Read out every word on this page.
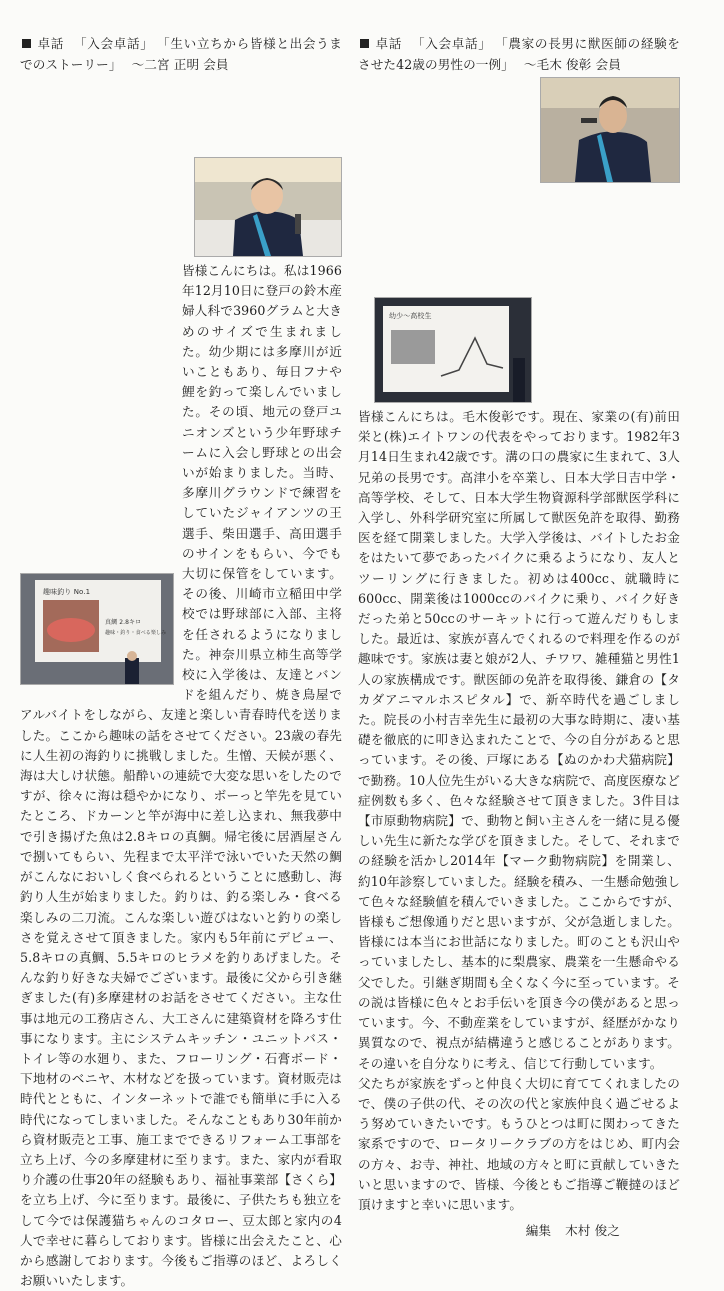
卓話 「入会卓話」 「生い立ちから皆様と出会うまでのストーリー」 ～二宮 正明 会員
趣味釣り No.1
真鯛 2.8キロ
趣味・釣り・食べる楽しみ

皆様こんにちは。私は1966年12月10日に登戸の鈴木産婦人科で3960グラムと大きめのサイズで生まれました。幼少期には多摩川が近いこともあり、毎日フナや鯉を釣って楽しんでいました。その頃、地元の登戸ユニオンズという少年野球チームに入会し野球との出会いが始まりました。当時、多摩川グラウンドで練習をしていたジャイアンツの王選手、柴田選手、高田選手のサインをもらい、今でも大切に保管をしています。その後、川崎市立稲田中学校では野球部に入部、主将を任されるようになりました。神奈川県立柿生高等学校に入学後は、友達とバンドを組んだり、焼き鳥屋でアルバイトをしながら、友達と楽しい青春時代を送りました。ここから趣味の話をさせてください。23歳の春先に人生初の海釣りに挑戦しました。生憎、天候が悪く、海は大しけ状態。船酔いの連続で大変な思いをしたのですが、徐々に海は穏やかになり、ボーっと竿先を見ていたところ、ドカーンと竿が海中に差し込まれ、無我夢中で引き揚げた魚は2.8キロの真鯛。帰宅後に居酒屋さんで捌いてもらい、先程まで太平洋で泳いでいた天然の鯛がこんなにおいしく食べられるということに感動し、海釣り人生が始まりました。釣りは、釣る楽しみ・食べる楽しみの二刀流。こんな楽しい遊びはないと釣りの楽しさを覚えさせて頂きました。家内も5年前にデビュー、5.8キロの真鯛、5.5キロのヒラメを釣りあげました。そんな釣り好きな夫婦でございます。最後に父から引き継ぎました(有)多摩建材のお話をさせてください。主な仕事は地元の工務店さん、大工さんに建築資材を降ろす仕事になります。主にシステムキッチン・ユニットバス・トイレ等の水廻り、また、フローリング・石膏ボード・下地材のベニヤ、木材などを扱っています。資材販売は時代とともに、インターネットで誰でも簡単に手に入る時代になってしまいました。そんなこともあり30年前から資材販売と工事、施工までできるリフォーム工事部を立ち上げ、今の多摩建材に至ります。また、家内が看取り介護の仕事20年の経験もあり、福祉事業部【さくら】を立ち上げ、今に至ります。最後に、子供たちも独立をして今では保護猫ちゃんのコタロー、豆太郎と家内の4人で幸せに暮らしております。皆様に出会えたこと、心から感謝しております。今後もご指導のほど、よろしくお願いいたします。

卓話 「入会卓話」 「農家の長男に獣医師の経験をさせた42歳の男性の一例」 ～毛木 俊彰 会員
幼少～高校生

皆様こんにちは。毛木俊彰です。現在、家業の(有)前田栄と(株)エイトワンの代表をやっております。1982年3月14日生まれ42歳です。溝の口の農家に生まれて、3人兄弟の長男です。高津小を卒業し、日本大学日吉中学・高等学校、そして、日本大学生物資源科学部獣医学科に入学し、外科学研究室に所属して獣医免許を取得、勤務医を経て開業しました。大学入学後は、バイトしたお金をはたいて夢であったバイクに乗るようになり、友人とツーリングに行きました。初めは400cc、就職時に600cc、開業後は1000ccのバイクに乗り、バイク好きだった弟と50ccのサーキットに行って遊んだりもしました。最近は、家族が喜んでくれるので料理を作るのが趣味です。家族は妻と娘が2人、チワワ、雑種猫と男性1人の家族構成です。獣医師の免許を取得後、鎌倉の【タカダアニマルホスピタル】で、新卒時代を過ごしました。院長の小村吉幸先生に最初の大事な時期に、凄い基礎を徹底的に叩き込まれたことで、今の自分があると思っています。その後、戸塚にある【ぬのかわ犬猫病院】で勤務。10人位先生がいる大きな病院で、高度医療など症例数も多く、色々な経験させて頂きました。3件目は【市原動物病院】で、動物と飼い主さんを一緒に見る優しい先生に新たな学びを頂きました。そして、それまでの経験を活かし2014年【マーク動物病院】を開業し、約10年診察していました。経験を積み、一生懸命勉強して色々な経験値を積んでいきました。ここからですが、皆様もご想像通りだと思いますが、父が急逝しました。皆様には本当にお世話になりました。町のことも沢山やっていましたし、基本的に梨農家、農業を一生懸命やる父でした。引継ぎ期間も全くなく今に至っています。その説は皆様に色々とお手伝いを頂き今の僕があると思っています。今、不動産業をしていますが、経歴がかなり異質なので、視点が結構違うと感じることがあります。その違いを自分なりに考え、信じて行動しています。

父たちが家族をずっと仲良く大切に育ててくれましたので、僕の子供の代、その次の代と家族仲良く過ごせるよう努めていきたいです。もうひとつは町に関わってきた家系ですので、ロータリークラブの方をはじめ、町内会の方々、お寺、神社、地域の方々と町に貢献していきたいと思いますので、皆様、今後ともご指導ご鞭撻のほど頂けますと幸いに思います。

編集 木村 俊之
